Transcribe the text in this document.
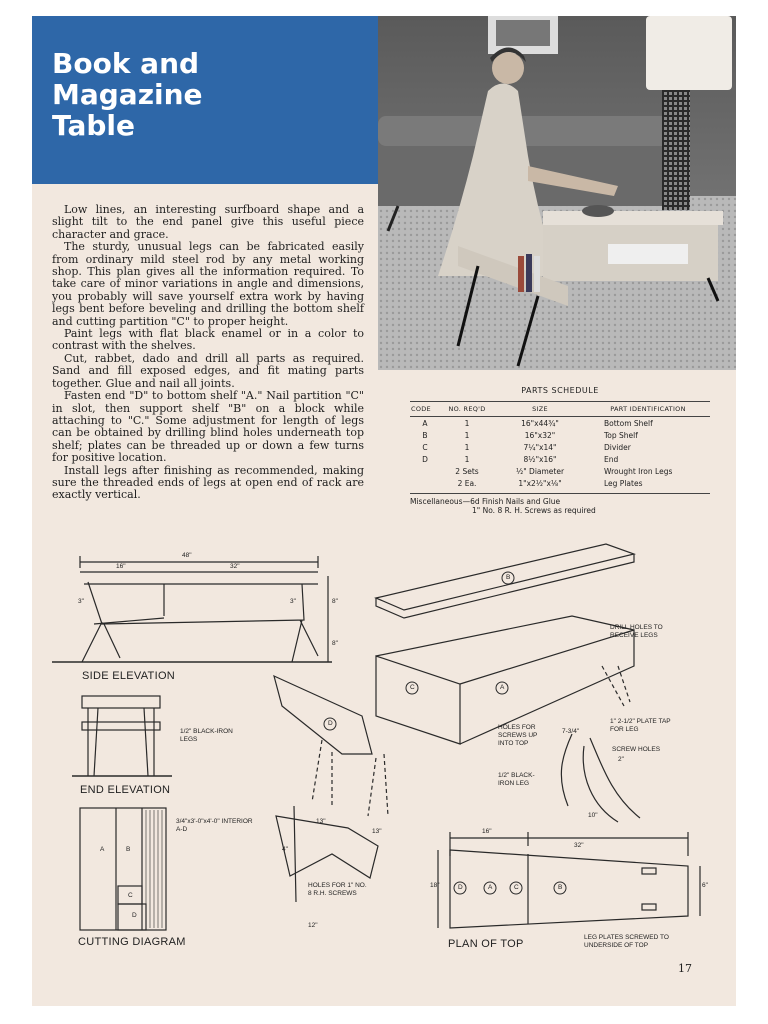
Book and
Magazine
Table

Low lines, an interesting surfboard shape and a slight tilt to the end panel give this useful piece character and grace.

The sturdy, unusual legs can be fabricated easily from ordinary mild steel rod by any metal working shop. This plan gives all the information required. To take care of minor variations in angle and dimensions, you probably will save yourself extra work by having legs bent before beveling and drilling the bottom shelf and cutting partition "C" to proper height.

Paint legs with flat black enamel or in a color to contrast with the shelves.

Cut, rabbet, dado and drill all parts as required. Sand and fill exposed edges, and fit mating parts together. Glue and nail all joints.

Fasten end "D" to bottom shelf "A." Nail partition "C" in slot, then support shelf "B" on a block while attaching to "C." Some adjustment for length of legs can be obtained by drilling blind holes underneath top shelf; plates can be threaded up or down a few turns for positive location.

Install legs after finishing as recommended, making sure the threaded ends of legs at open end of rack are exactly vertical.

PARTS SCHEDULE
CODE	NO. REQ'D	SIZE	PART IDENTIFICATION
A	1	16"x44¾"	Bottom Shelf
B	1	16"x32"	Top Shelf
C	1	7¼"x14"	Divider
D	1	8½"x16"	End
	2 Sets	½" Diameter	Wrought Iron Legs
	2 Ea.	1"x2½"x⅛"	Leg Plates
Miscellaneous—6d Finish Nails and Glue
1" No. 8 R. H. Screws as required
SIDE ELEVATION
END ELEVATION
CUTTING DIAGRAM	PLAN OF TOP
48"
16"	32"
3"	3"	8"
8"
1/2" BLACK-IRON LEGS
3/4"x3'-0"x4'-0" INTERIOR A-D
A	B
C
D
B
C	A
D
DRILL HOLES TO RECEIVE LEGS
HOLES FOR SCREWS UP INTO TOP
1" 2-1/2" PLATE TAP FOR LEG
SCREW HOLES
1/2" BLACK-IRON LEG
7-3/4"
2"
10"
13"
13"
4"
HOLES FOR 1" NO. 8 R.H. SCREWS
12"
16"
32"
18"	6"
D	A	C	B
LEG PLATES SCREWED TO UNDERSIDE OF TOP
17
